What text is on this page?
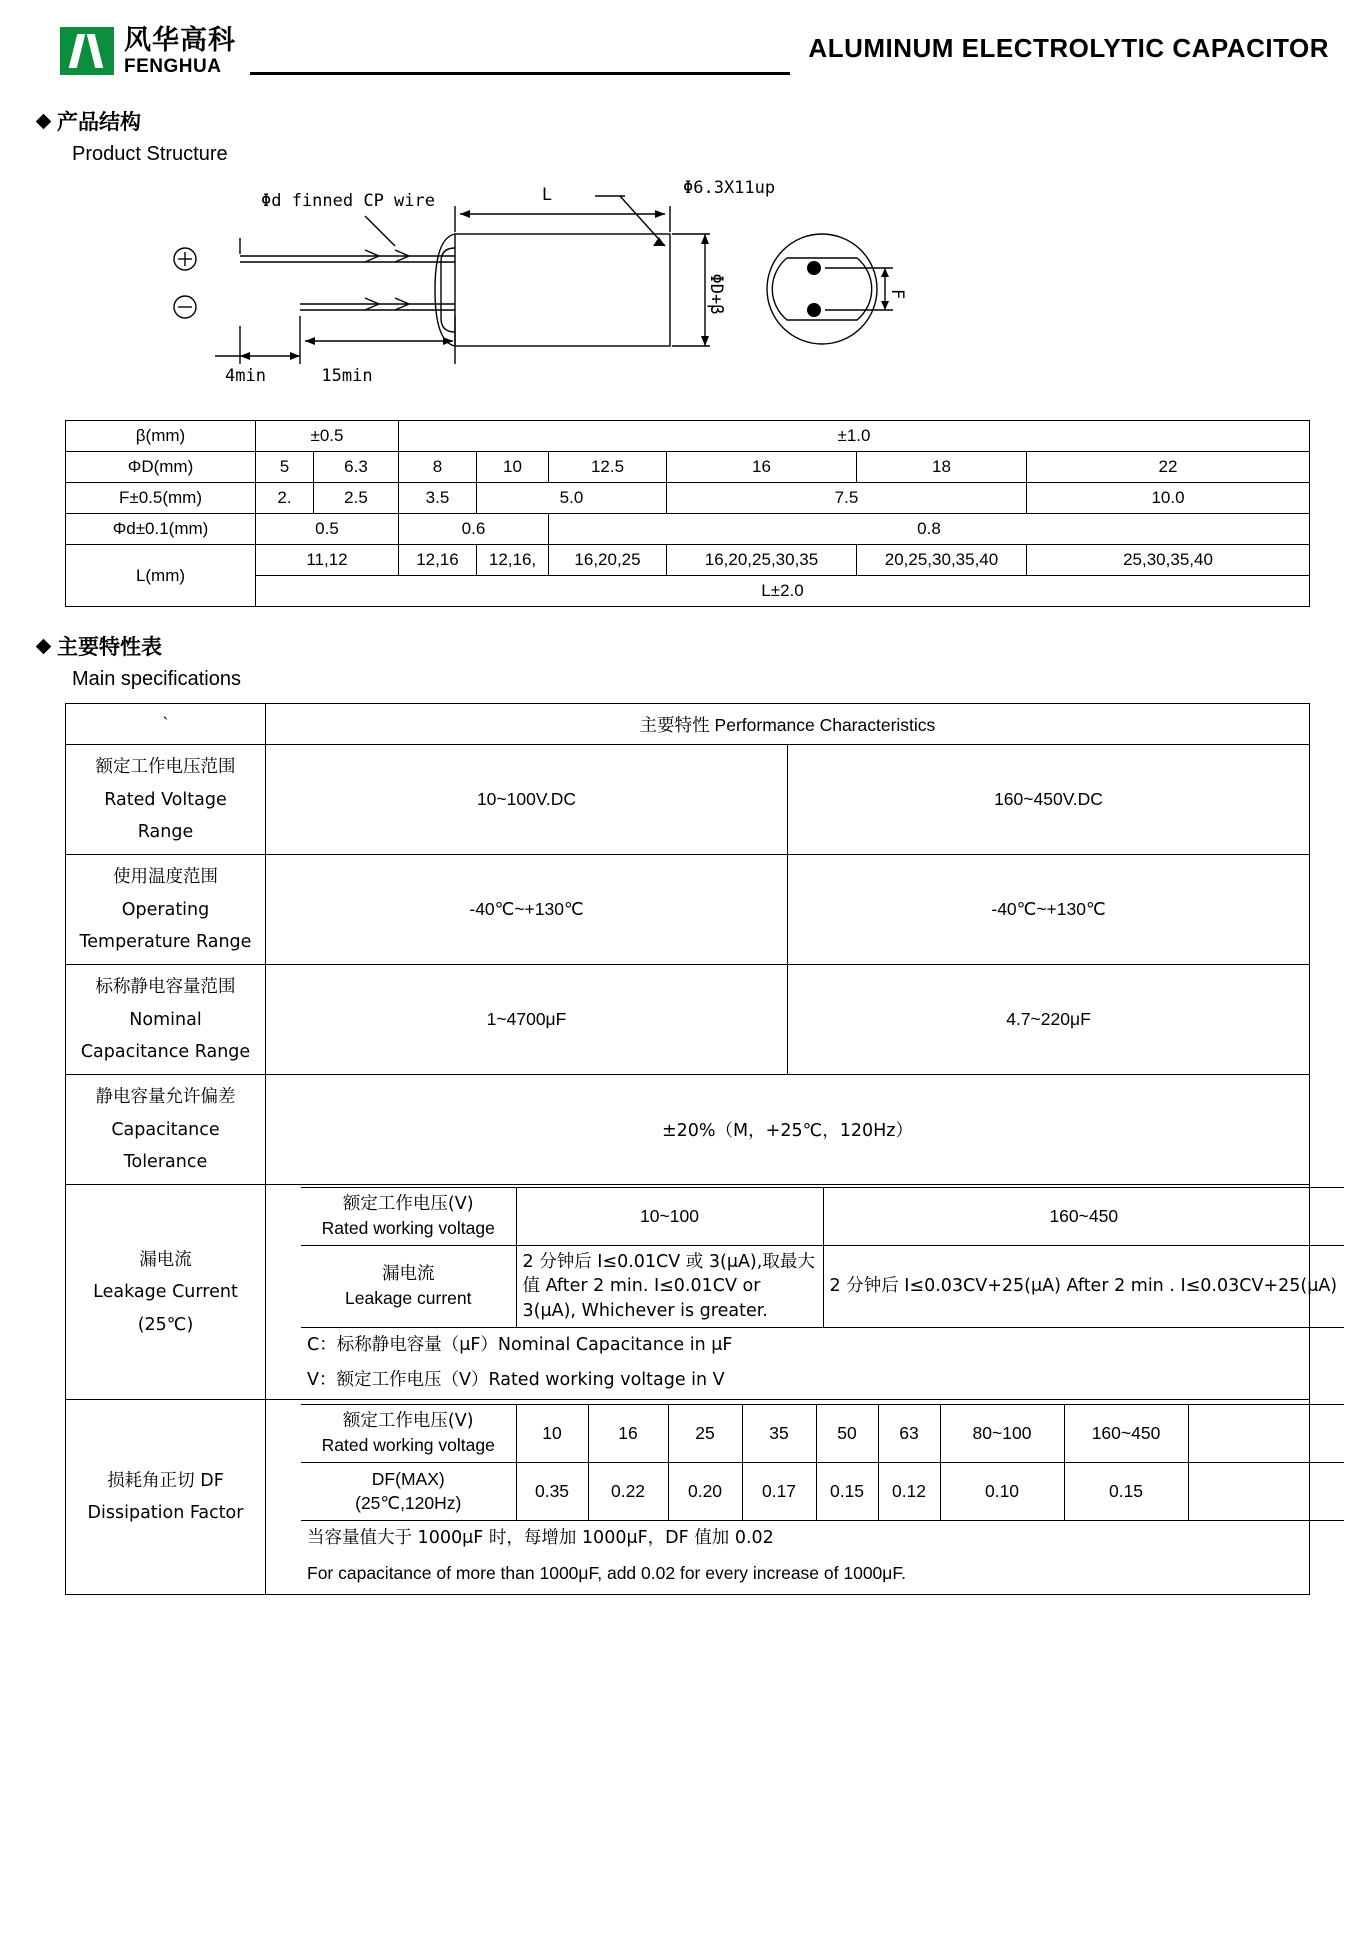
风华高科
FENGHUA
ALUMINUM ELECTROLYTIC CAPACITOR
产品结构
Product Structure
L	Φ6.3X11up
Φd finned CP wire
4min	15min
ΦD+β	F
β(mm)	±0.5		±1.0					
ΦD(mm)	5	6.3	8	10	12.5	16	18	22
F±0.5(mm)	2.	2.5	3.5	5.0		7.5		10.0
Φd±0.1(mm)	0.5		0.6		0.8			
L(mm)	11,12		12,16	12,16,	16,20,25	16,20,25,30,35	20,25,30,35,40	25,30,35,40
	L±2.0							
主要特性表
Main specifications
`	主要特性 Performance Characteristics

额定工作电压范围
Rated Voltage
Range
	10~100V.DC	160~450V.DC

使用温度范围
Operating
Temperature Range
	-40℃~+130℃	-40℃~+130℃

标称静电容量范围
Nominal
Capacitance Range
	1~4700μF	4.7~220μF

静电容量允许偏差
Capacitance
Tolerance
	±20%（M，+25℃，120Hz）

漏电流
Leakage Current
(25℃)

额定工作电压(V)
Rated working voltage
	10~100	160~450

漏电流
Leakage current
	2 分钟后 I≤0.01CV 或 3(μA),取最大值 After 2 min. I≤0.01CV or 3(μA), Whichever is greater.	2 分钟后 I≤0.03CV+25(μA) After 2 min . I≤0.03CV+25(μA)
C：标称静电容量（μF）Nominal Capacitance in μF
V：额定工作电压（V）Rated working voltage in V

损耗角正切 DF
Dissipation Factor

额定工作电压(V)
Rated working voltage
	10	16	25	35	50	63	80~100	160~450	

DF(MAX)
(25℃,120Hz)
	0.35	0.22	0.20	0.17	0.15	0.12	0.10	0.15	
当容量值大于 1000μF 时，每增加 1000μF，DF 值加 0.02
For capacitance of more than 1000μF, add 0.02 for every increase of 1000μF.
